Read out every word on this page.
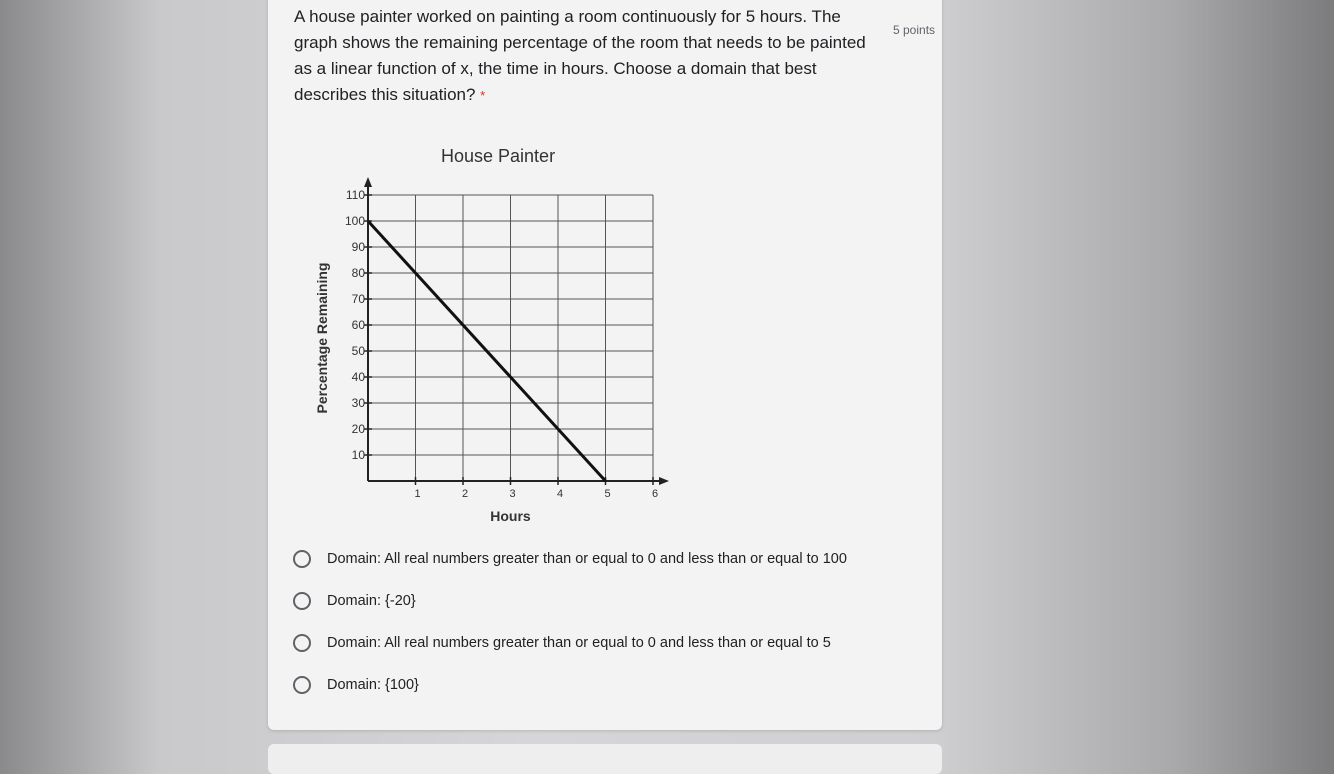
A house painter worked on painting a room continuously for 5 hours. The graph shows the remaining percentage of the room that needs to be painted as a linear function of x, the time in hours. Choose a domain that best describes this situation? *
5 points
House Painter
10
20
30
40
50
60
70
80
90
100
110
1	2	3	4	5	6
Percentage Remaining
Hours
Domain: All real numbers greater than or equal to 0 and less than or equal to 100
Domain: {-20}
Domain: All real numbers greater than or equal to 0 and less than or equal to 5
Domain: {100}
